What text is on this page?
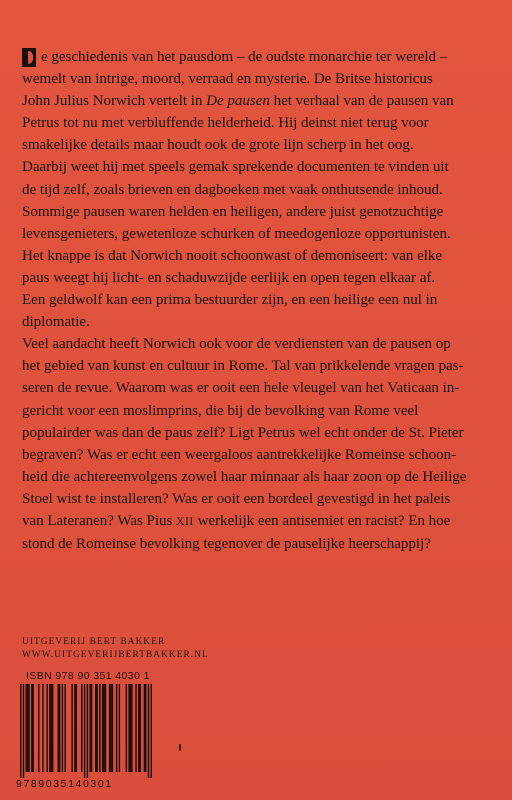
e geschiedenis van het pausdom – de oudste monarchie ter wereld –
wemelt van intrige, moord, verraad en mysterie. De Britse historicus
John Julius Norwich vertelt in De pausen het verhaal van de pausen van
Petrus tot nu met verbluffende helderheid. Hij deinst niet terug voor
smakelijke details maar houdt ook de grote lijn scherp in het oog.
Daarbij weet hij met speels gemak sprekende documenten te vinden uit
de tijd zelf, zoals brieven en dagboeken met vaak onthutsende inhoud.
Sommige pausen waren helden en heiligen, andere juist genotzuchtige
levensgenieters, gewetenloze schurken of meedogenloze opportunisten.
Het knappe is dat Norwich nooit schoonwast of demoniseert: van elke
paus weegt hij licht- en schaduwzijde eerlijk en open tegen elkaar af.
Een geldwolf kan een prima bestuurder zijn, en een heilige een nul in
diplomatie.
Veel aandacht heeft Norwich ook voor de verdiensten van de pausen op
het gebied van kunst en cultuur in Rome. Tal van prikkelende vragen pas-
seren de revue. Waarom was er ooit een hele vleugel van het Vaticaan in-
gericht voor een moslimprins, die bij de bevolking van Rome veel
populairder was dan de paus zelf? Ligt Petrus wel echt onder de St. Pieter
begraven? Was er echt een weergaloos aantrekkelijke Romeinse schoon-
heid die achtereenvolgens zowel haar minnaar als haar zoon op de Heilige
Stoel wist te installeren? Was er ooit een bordeel gevestigd in het paleis
van Lateranen? Was Pius XII werkelijk een antisemiet en racist? En hoe
stond de Romeinse bevolking tegenover de pauselijke heerschappij?
UITGEVERIJ BERT BAKKER
WWW.UITGEVERIJBERTBAKKER.NL
ISBN 978 90 351 4030 1
9789035140301
